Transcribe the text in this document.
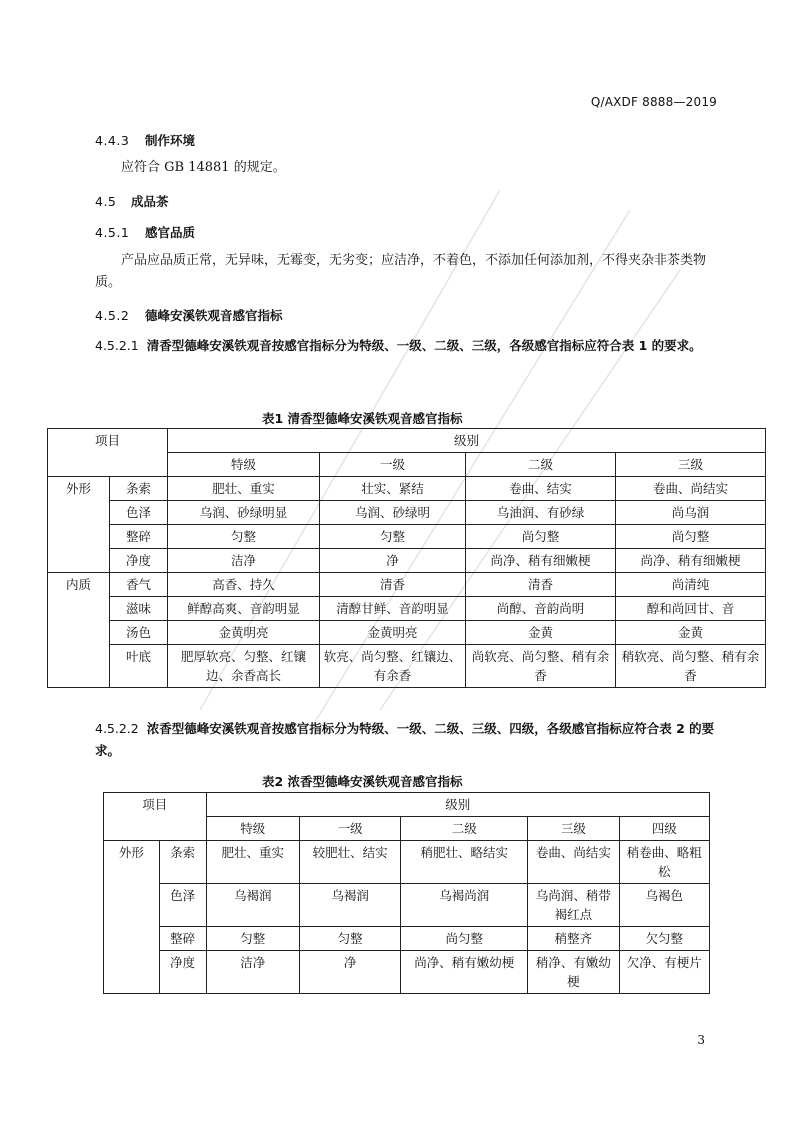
Q/AXDF 8888—2019
4.4.3 制作环境
应符合 GB 14881 的规定。
4.5 成品茶
4.5.1 感官品质
产品应品质正常，无异味，无霉变，无劣变；应洁净，不着色，不添加任何添加剂，不得夹杂非茶类物质。
4.5.2 德峰安溪铁观音感官指标
4.5.2.1 清香型德峰安溪铁观音按感官指标分为特级、一级、二级、三级，各级感官指标应符合表 1 的要求。
表1 清香型德峰安溪铁观音感官指标
项目		级别			
		特级	一级	二级	三级
外形	条索	肥壮、重实	壮实、紧结	卷曲、结实	卷曲、尚结实
	色泽	乌润、砂绿明显	乌润、砂绿明	乌油润、有砂绿	尚乌润
	整碎	匀整	匀整	尚匀整	尚匀整
	净度	洁净	净	尚净、稍有细嫩梗	尚净、稍有细嫩梗
内质	香气	高香、持久	清香	清香	尚清纯
	滋味	鲜醇高爽、音韵明显	清醇甘鲜、音韵明显	尚醇、音韵尚明	醇和尚回甘、音
	汤色	金黄明亮	金黄明亮	金黄	金黄
	叶底	肥厚软亮、匀整、红镶边、余香高长	软亮、尚匀整、红镶边、有余香	尚软亮、尚匀整、稍有余香	稍软亮、尚匀整、稍有余香
4.5.2.2 浓香型德峰安溪铁观音按感官指标分为特级、一级、二级、三级、四级，各级感官指标应符合表 2 的要求。
表2 浓香型德峰安溪铁观音感官指标
项目		级别				
		特级	一级	二级	三级	四级
外形	条索	肥壮、重实	较肥壮、结实	稍肥壮、略结实	卷曲、尚结实	稍卷曲、略粗松
	色泽	乌褐润	乌褐润	乌褐尚润	乌尚润、稍带褐红点	乌褐色
	整碎	匀整	匀整	尚匀整	稍整齐	欠匀整
	净度	洁净	净	尚净、稍有嫩幼梗	稍净、有嫩幼梗	欠净、有梗片
3
